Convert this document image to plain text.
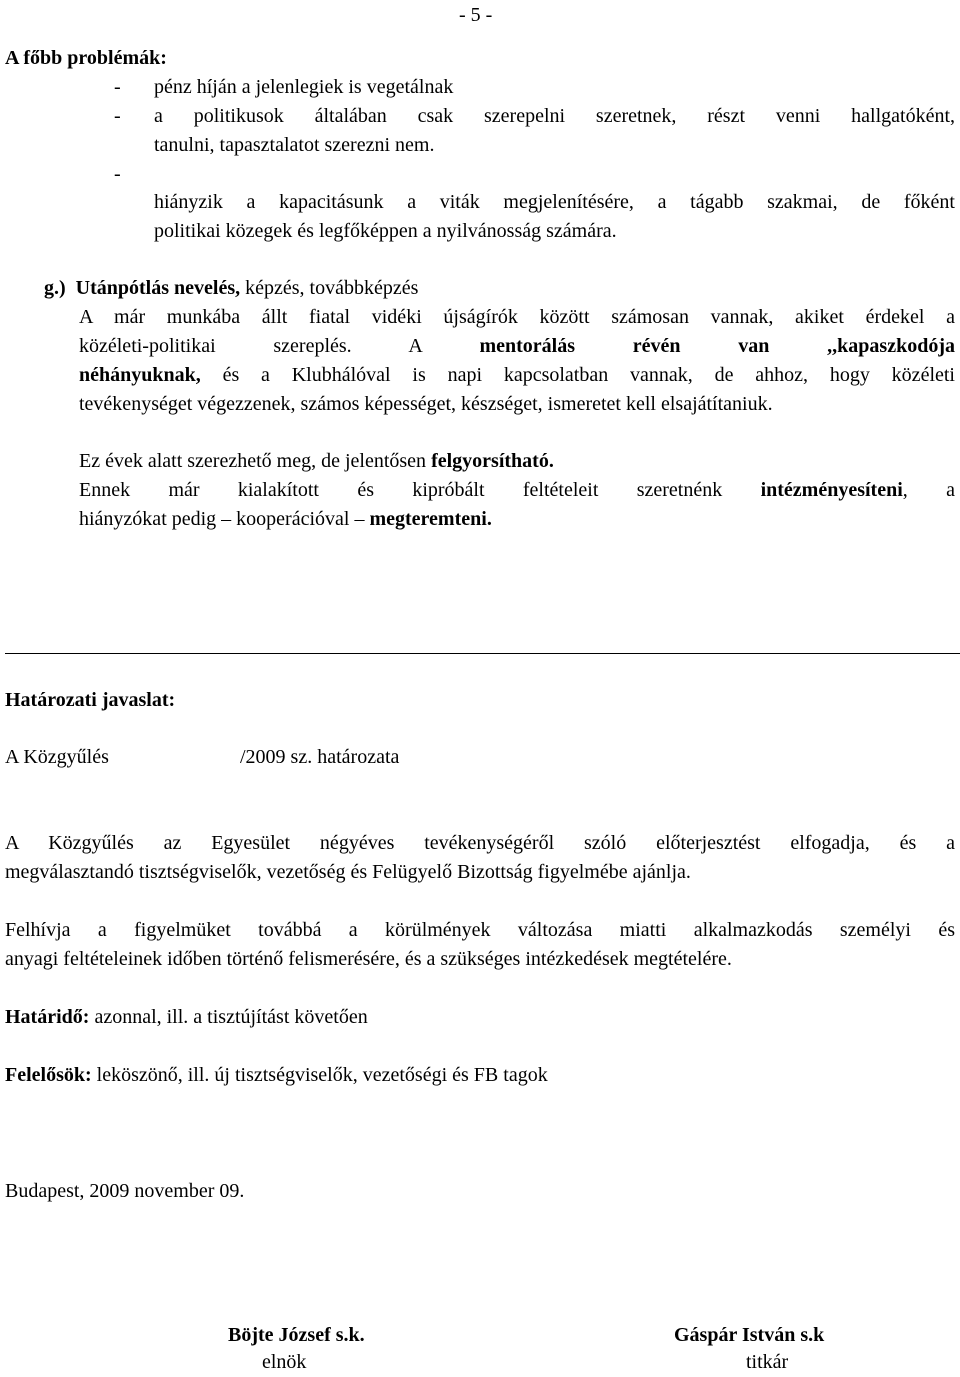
- 5 -
A főbb problémák:
- pénz híján a jelenlegiek is vegetálnak
- a politikusok általában csak szerepelni szeretnek, részt venni hallgatóként,
tanulni, tapasztalatot szerezni nem.
-
hiányzik a kapacitásunk a viták megjelenítésére, a tágabb szakmai, de főként
politikai közegek és legfőképpen a nyilvánosság számára.
g.) Utánpótlás nevelés, képzés, továbbképzés
A már munkába állt fiatal vidéki újságírók között számosan vannak, akiket érdekel a
közéleti-politikai szereplés. A mentorálás révén van ,,kapaszkodója
néhányuknak, és a Klubhálóval is napi kapcsolatban vannak, de ahhoz, hogy közéleti
tevékenységet végezzenek, számos képességet, készséget, ismeretet kell elsajátítaniuk.
Ez évek alatt szerezhető meg, de jelentősen felgyorsítható.
Ennek már kialakított és kipróbált feltételeit szeretnénk intézményesíteni, a
hiányzókat pedig – kooperációval – megteremteni.
Határozati javaslat:
A Közgyűlés	/2009 sz. határozata
A Közgyűlés az Egyesület négyéves tevékenységéről szóló előterjesztést elfogadja, és a
megválasztandó tisztségviselők, vezetőség és Felügyelő Bizottság figyelmébe ajánlja.
Felhívja a figyelmüket továbbá a körülmények változása miatti alkalmazkodás személyi és
anyagi feltételeinek időben történő felismerésére, és a szükséges intézkedések megtételére.
Határidő: azonnal, ill. a tisztújítást követően
Felelősök: leköszönő, ill. új tisztségviselők, vezetőségi és FB tagok
Budapest, 2009 november 09.
Böjte József s.k.
elnök
Gáspár István s.k
titkár
